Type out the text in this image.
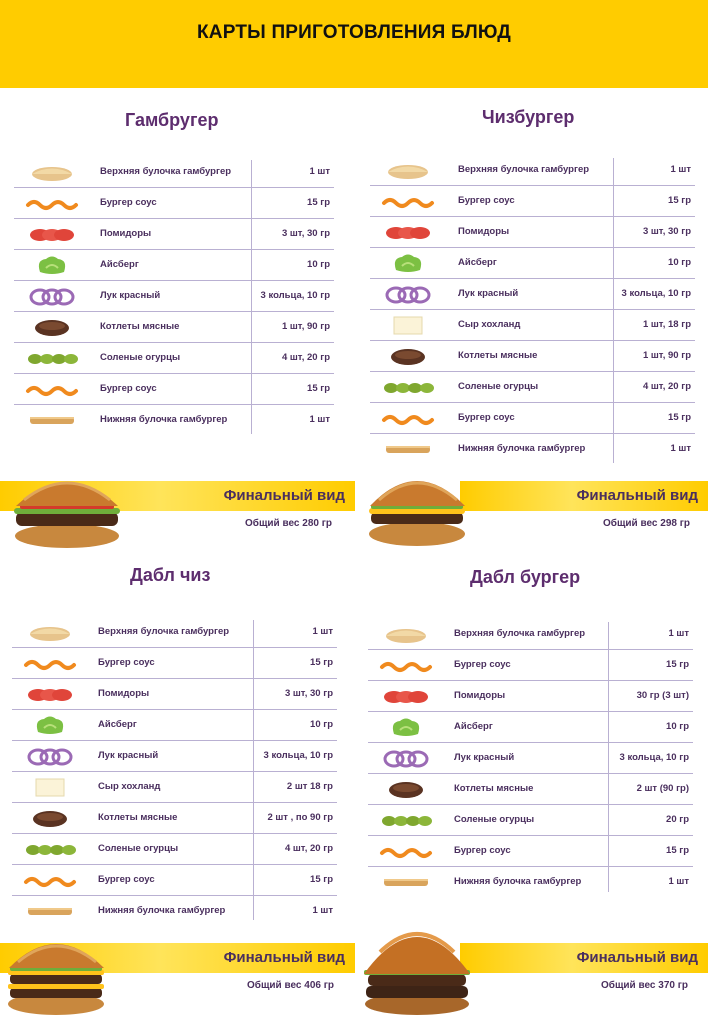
КАРТЫ ПРИГОТОВЛЕНИЯ БЛЮД
Гамбругер
Верхняя булочка гамбургер	1 шт
Бургер соус	15 гр
Помидоры	3 шт, 30 гр
Айсберг	10 гр
Лук красный	3 кольца, 10 гр
Котлеты мясные	1 шт, 90 гр
Соленые огурцы	4 шт, 20 гр
Бургер соус	15 гр
Нижняя булочка гамбургер	1 шт
Финальный вид
Общий вес 280 гр
Чизбургер
Верхняя булочка гамбургер	1 шт
Бургер соус	15 гр
Помидоры	3 шт, 30 гр
Айсберг	10 гр
Лук красный	3 кольца, 10 гр
Сыр хохланд	1 шт, 18 гр
Котлеты мясные	1 шт, 90 гр
Соленые огурцы	4 шт, 20 гр
Бургер соус	15 гр
Нижняя булочка гамбургер	1 шт
Финальный вид
Общий вес 298 гр
Дабл чиз
Верхняя булочка гамбургер	1 шт
Бургер соус	15 гр
Помидоры	3 шт, 30 гр
Айсберг	10 гр
Лук красный	3 кольца, 10 гр
Сыр хохланд	2 шт 18 гр
Котлеты мясные	2 шт , по 90 гр
Соленые огурцы	4 шт, 20 гр
Бургер соус	15 гр
Нижняя булочка гамбургер	1 шт
Финальный вид
Общий вес 406 гр
Дабл бургер
Верхняя булочка гамбургер	1 шт
Бургер соус	15 гр
Помидоры	30 гр (3 шт)
Айсберг	10 гр
Лук красный	3 кольца, 10 гр
Котлеты мясные	2 шт (90 гр)
Соленые огурцы	20 гр
Бургер соус	15 гр
Нижняя булочка гамбургер	1 шт
Финальный вид
Общий вес 370 гр
